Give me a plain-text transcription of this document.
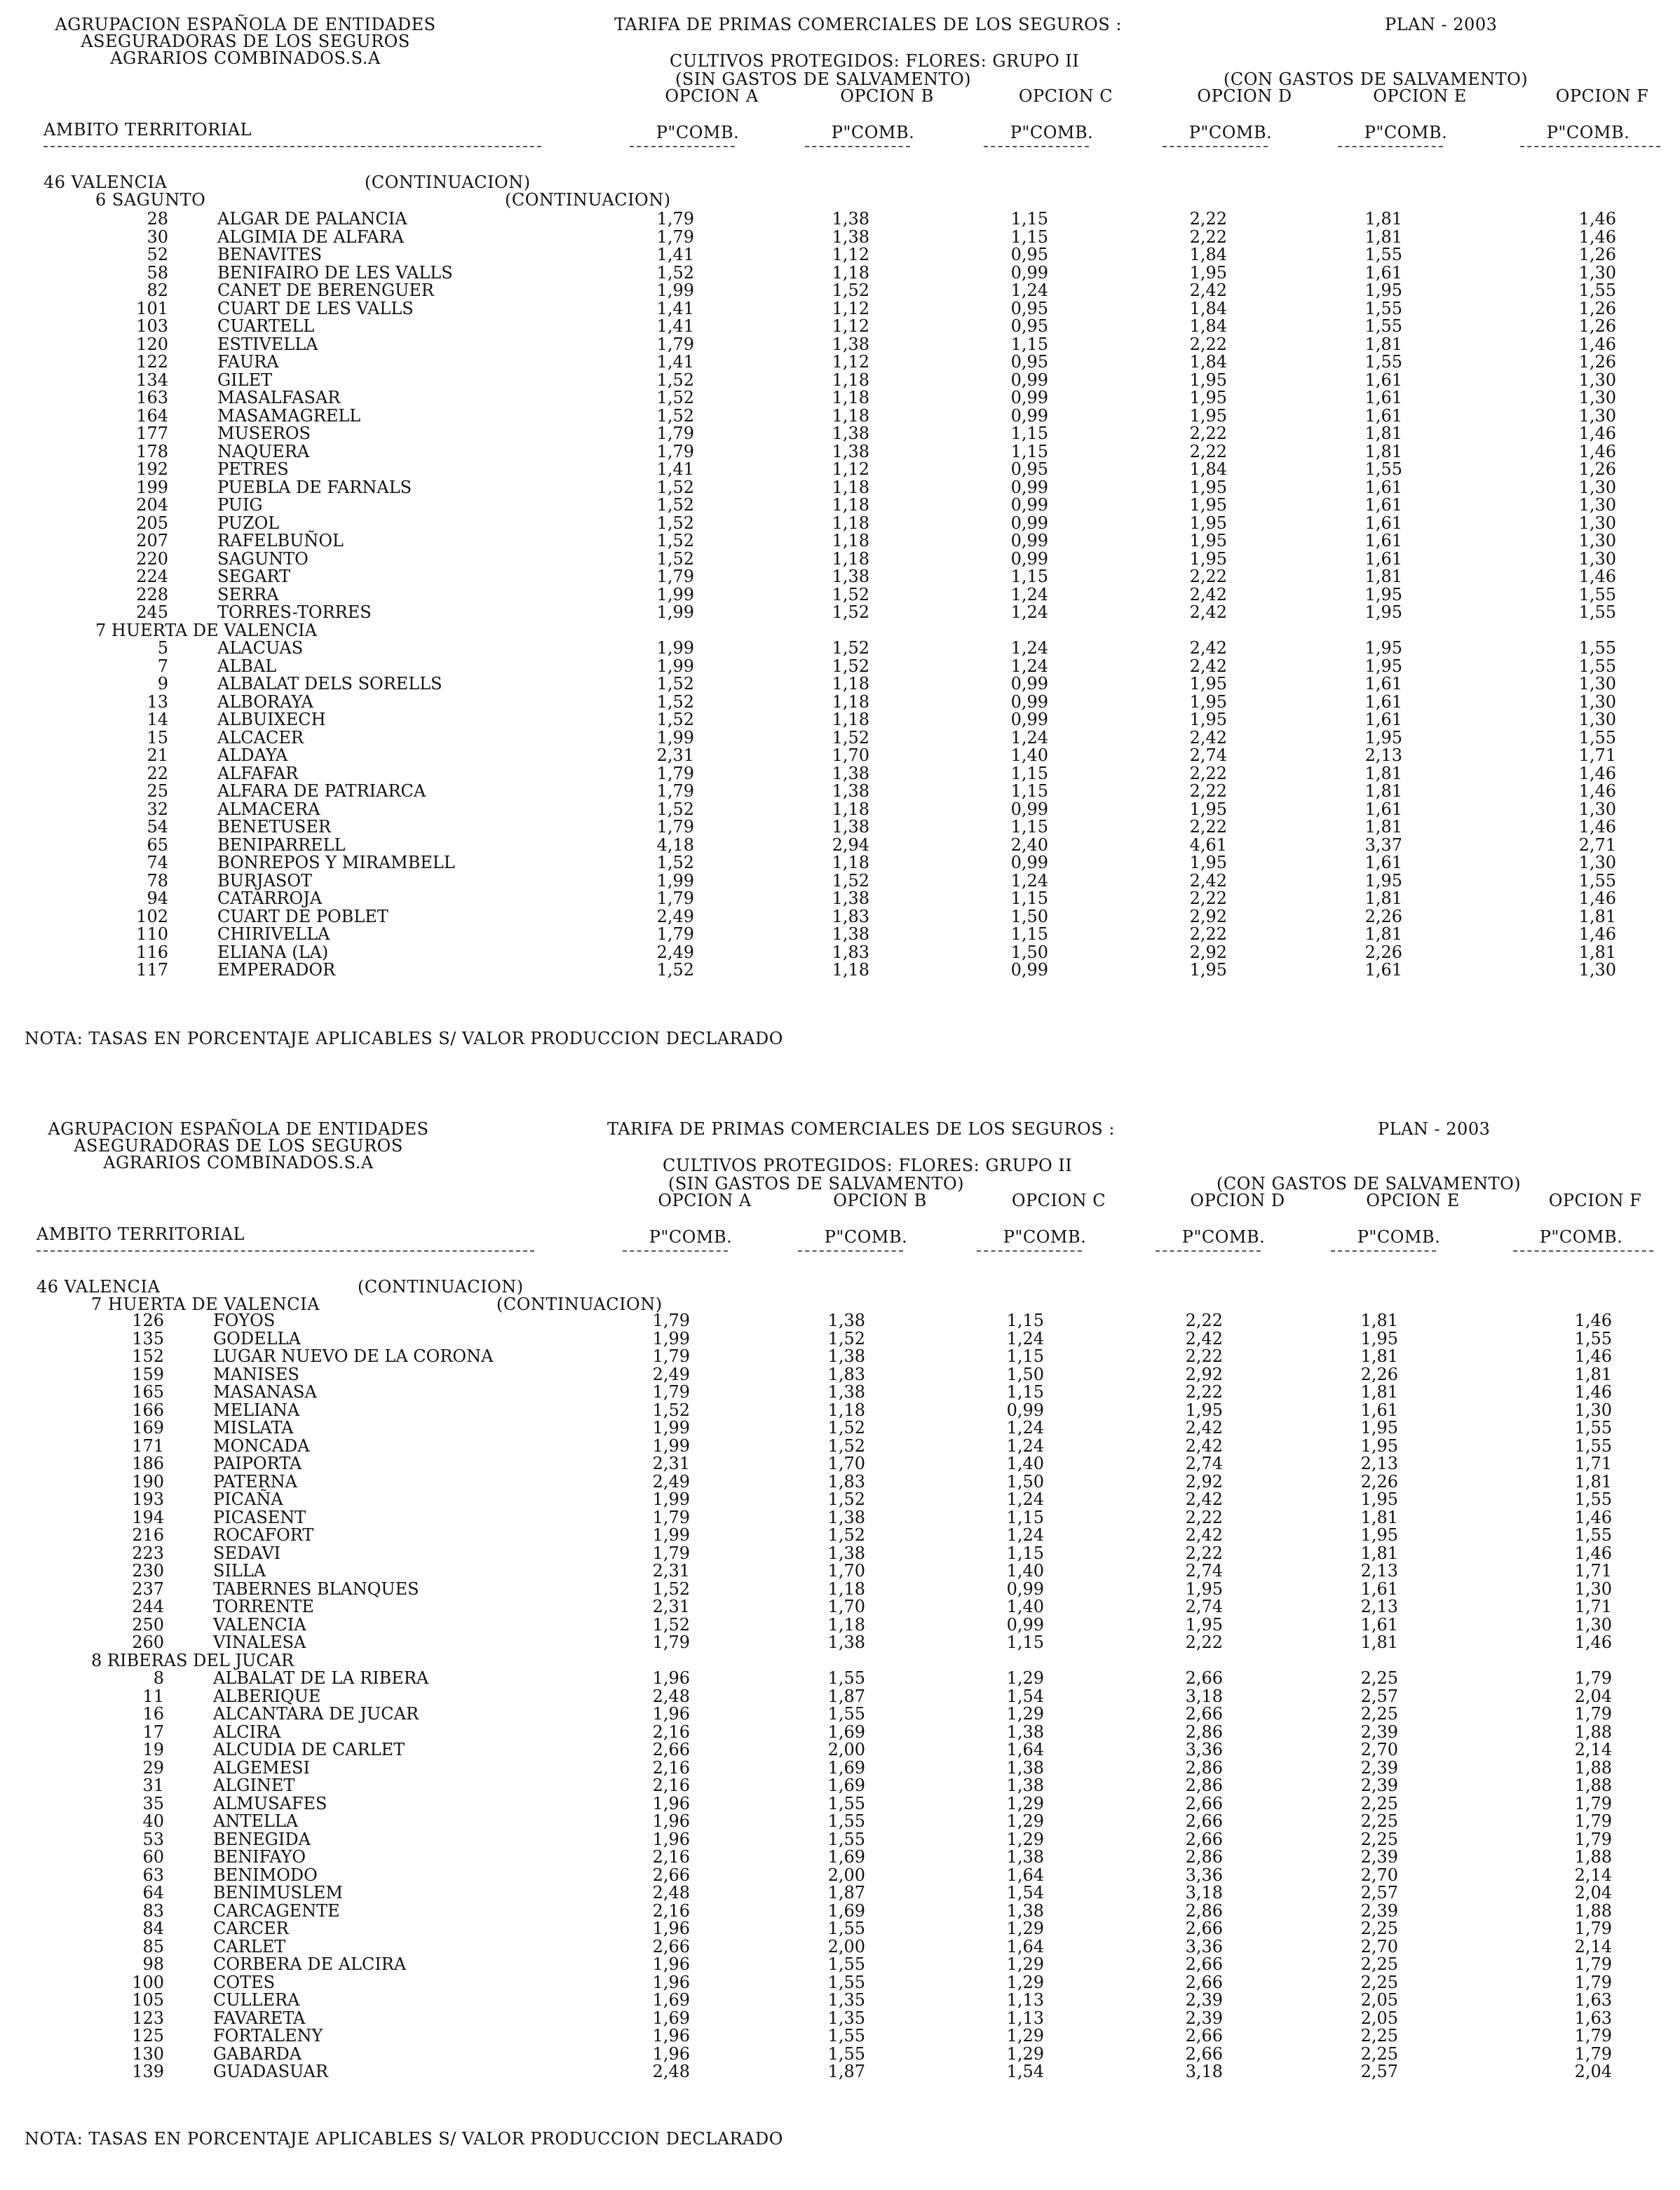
AGRUPACION ESPAÑOLA DE ENTIDADES
ASEGURADORAS DE LOS SEGUROS
AGRARIOS COMBINADOS.S.A
TARIFA DE PRIMAS COMERCIALES DE LOS SEGUROS :	PLAN - 2003
CULTIVOS PROTEGIDOS: FLORES: GRUPO II
(SIN GASTOS DE SALVAMENTO)	(CON GASTOS DE SALVAMENTO)
OPCION A	OPCION B	OPCION C	OPCION D	OPCION E	OPCION F
AMBITO TERRITORIAL	P"COMB.	P"COMB.	P"COMB.	P"COMB.	P"COMB.	P"COMB.
46 VALENCIA	(CONTINUACION)
6 SAGUNTO	(CONTINUACION)
28	ALGAR DE PALANCIA	1,79	1,38	1,15	2,22	1,81	1,46
30	ALGIMIA DE ALFARA	1,79	1,38	1,15	2,22	1,81	1,46
52	BENAVITES	1,41	1,12	0,95	1,84	1,55	1,26
58	BENIFAIRO DE LES VALLS	1,52	1,18	0,99	1,95	1,61	1,30
82	CANET DE BERENGUER	1,99	1,52	1,24	2,42	1,95	1,55
101	CUART DE LES VALLS	1,41	1,12	0,95	1,84	1,55	1,26
103	CUARTELL	1,41	1,12	0,95	1,84	1,55	1,26
120	ESTIVELLA	1,79	1,38	1,15	2,22	1,81	1,46
122	FAURA	1,41	1,12	0,95	1,84	1,55	1,26
134	GILET	1,52	1,18	0,99	1,95	1,61	1,30
163	MASALFASAR	1,52	1,18	0,99	1,95	1,61	1,30
164	MASAMAGRELL	1,52	1,18	0,99	1,95	1,61	1,30
177	MUSEROS	1,79	1,38	1,15	2,22	1,81	1,46
178	NAQUERA	1,79	1,38	1,15	2,22	1,81	1,46
192	PETRES	1,41	1,12	0,95	1,84	1,55	1,26
199	PUEBLA DE FARNALS	1,52	1,18	0,99	1,95	1,61	1,30
204	PUIG	1,52	1,18	0,99	1,95	1,61	1,30
205	PUZOL	1,52	1,18	0,99	1,95	1,61	1,30
207	RAFELBUÑOL	1,52	1,18	0,99	1,95	1,61	1,30
220	SAGUNTO	1,52	1,18	0,99	1,95	1,61	1,30
224	SEGART	1,79	1,38	1,15	2,22	1,81	1,46
228	SERRA	1,99	1,52	1,24	2,42	1,95	1,55
245	TORRES-TORRES	1,99	1,52	1,24	2,42	1,95	1,55
7 HUERTA DE VALENCIA
5	ALACUAS	1,99	1,52	1,24	2,42	1,95	1,55
7	ALBAL	1,99	1,52	1,24	2,42	1,95	1,55
9	ALBALAT DELS SORELLS	1,52	1,18	0,99	1,95	1,61	1,30
13	ALBORAYA	1,52	1,18	0,99	1,95	1,61	1,30
14	ALBUIXECH	1,52	1,18	0,99	1,95	1,61	1,30
15	ALCACER	1,99	1,52	1,24	2,42	1,95	1,55
21	ALDAYA	2,31	1,70	1,40	2,74	2,13	1,71
22	ALFAFAR	1,79	1,38	1,15	2,22	1,81	1,46
25	ALFARA DE PATRIARCA	1,79	1,38	1,15	2,22	1,81	1,46
32	ALMACERA	1,52	1,18	0,99	1,95	1,61	1,30
54	BENETUSER	1,79	1,38	1,15	2,22	1,81	1,46
65	BENIPARRELL	4,18	2,94	2,40	4,61	3,37	2,71
74	BONREPOS Y MIRAMBELL	1,52	1,18	0,99	1,95	1,61	1,30
78	BURJASOT	1,99	1,52	1,24	2,42	1,95	1,55
94	CATARROJA	1,79	1,38	1,15	2,22	1,81	1,46
102	CUART DE POBLET	2,49	1,83	1,50	2,92	2,26	1,81
110	CHIRIVELLA	1,79	1,38	1,15	2,22	1,81	1,46
116	ELIANA (LA)	2,49	1,83	1,50	2,92	2,26	1,81
117	EMPERADOR	1,52	1,18	0,99	1,95	1,61	1,30
NOTA: TASAS EN PORCENTAJE APLICABLES S/ VALOR PRODUCCION DECLARADO
AGRUPACION ESPAÑOLA DE ENTIDADES
ASEGURADORAS DE LOS SEGUROS
AGRARIOS COMBINADOS.S.A
TARIFA DE PRIMAS COMERCIALES DE LOS SEGUROS :	PLAN - 2003
CULTIVOS PROTEGIDOS: FLORES: GRUPO II
(SIN GASTOS DE SALVAMENTO)	(CON GASTOS DE SALVAMENTO)
OPCION A	OPCION B	OPCION C	OPCION D	OPCION E	OPCION F
AMBITO TERRITORIAL	P"COMB.	P"COMB.	P"COMB.	P"COMB.	P"COMB.	P"COMB.
46 VALENCIA	(CONTINUACION)
7 HUERTA DE VALENCIA	(CONTINUACION)
126	FOYOS	1,79	1,38	1,15	2,22	1,81	1,46
135	GODELLA	1,99	1,52	1,24	2,42	1,95	1,55
152	LUGAR NUEVO DE LA CORONA	1,79	1,38	1,15	2,22	1,81	1,46
159	MANISES	2,49	1,83	1,50	2,92	2,26	1,81
165	MASANASA	1,79	1,38	1,15	2,22	1,81	1,46
166	MELIANA	1,52	1,18	0,99	1,95	1,61	1,30
169	MISLATA	1,99	1,52	1,24	2,42	1,95	1,55
171	MONCADA	1,99	1,52	1,24	2,42	1,95	1,55
186	PAIPORTA	2,31	1,70	1,40	2,74	2,13	1,71
190	PATERNA	2,49	1,83	1,50	2,92	2,26	1,81
193	PICAÑA	1,99	1,52	1,24	2,42	1,95	1,55
194	PICASENT	1,79	1,38	1,15	2,22	1,81	1,46
216	ROCAFORT	1,99	1,52	1,24	2,42	1,95	1,55
223	SEDAVI	1,79	1,38	1,15	2,22	1,81	1,46
230	SILLA	2,31	1,70	1,40	2,74	2,13	1,71
237	TABERNES BLANQUES	1,52	1,18	0,99	1,95	1,61	1,30
244	TORRENTE	2,31	1,70	1,40	2,74	2,13	1,71
250	VALENCIA	1,52	1,18	0,99	1,95	1,61	1,30
260	VINALESA	1,79	1,38	1,15	2,22	1,81	1,46
8 RIBERAS DEL JUCAR
8	ALBALAT DE LA RIBERA	1,96	1,55	1,29	2,66	2,25	1,79
11	ALBERIQUE	2,48	1,87	1,54	3,18	2,57	2,04
16	ALCANTARA DE JUCAR	1,96	1,55	1,29	2,66	2,25	1,79
17	ALCIRA	2,16	1,69	1,38	2,86	2,39	1,88
19	ALCUDIA DE CARLET	2,66	2,00	1,64	3,36	2,70	2,14
29	ALGEMESI	2,16	1,69	1,38	2,86	2,39	1,88
31	ALGINET	2,16	1,69	1,38	2,86	2,39	1,88
35	ALMUSAFES	1,96	1,55	1,29	2,66	2,25	1,79
40	ANTELLA	1,96	1,55	1,29	2,66	2,25	1,79
53	BENEGIDA	1,96	1,55	1,29	2,66	2,25	1,79
60	BENIFAYO	2,16	1,69	1,38	2,86	2,39	1,88
63	BENIMODO	2,66	2,00	1,64	3,36	2,70	2,14
64	BENIMUSLEM	2,48	1,87	1,54	3,18	2,57	2,04
83	CARCAGENTE	2,16	1,69	1,38	2,86	2,39	1,88
84	CARCER	1,96	1,55	1,29	2,66	2,25	1,79
85	CARLET	2,66	2,00	1,64	3,36	2,70	2,14
98	CORBERA DE ALCIRA	1,96	1,55	1,29	2,66	2,25	1,79
100	COTES	1,96	1,55	1,29	2,66	2,25	1,79
105	CULLERA	1,69	1,35	1,13	2,39	2,05	1,63
123	FAVARETA	1,69	1,35	1,13	2,39	2,05	1,63
125	FORTALENY	1,96	1,55	1,29	2,66	2,25	1,79
130	GABARDA	1,96	1,55	1,29	2,66	2,25	1,79
139	GUADASUAR	2,48	1,87	1,54	3,18	2,57	2,04
NOTA: TASAS EN PORCENTAJE APLICABLES S/ VALOR PRODUCCION DECLARADO
